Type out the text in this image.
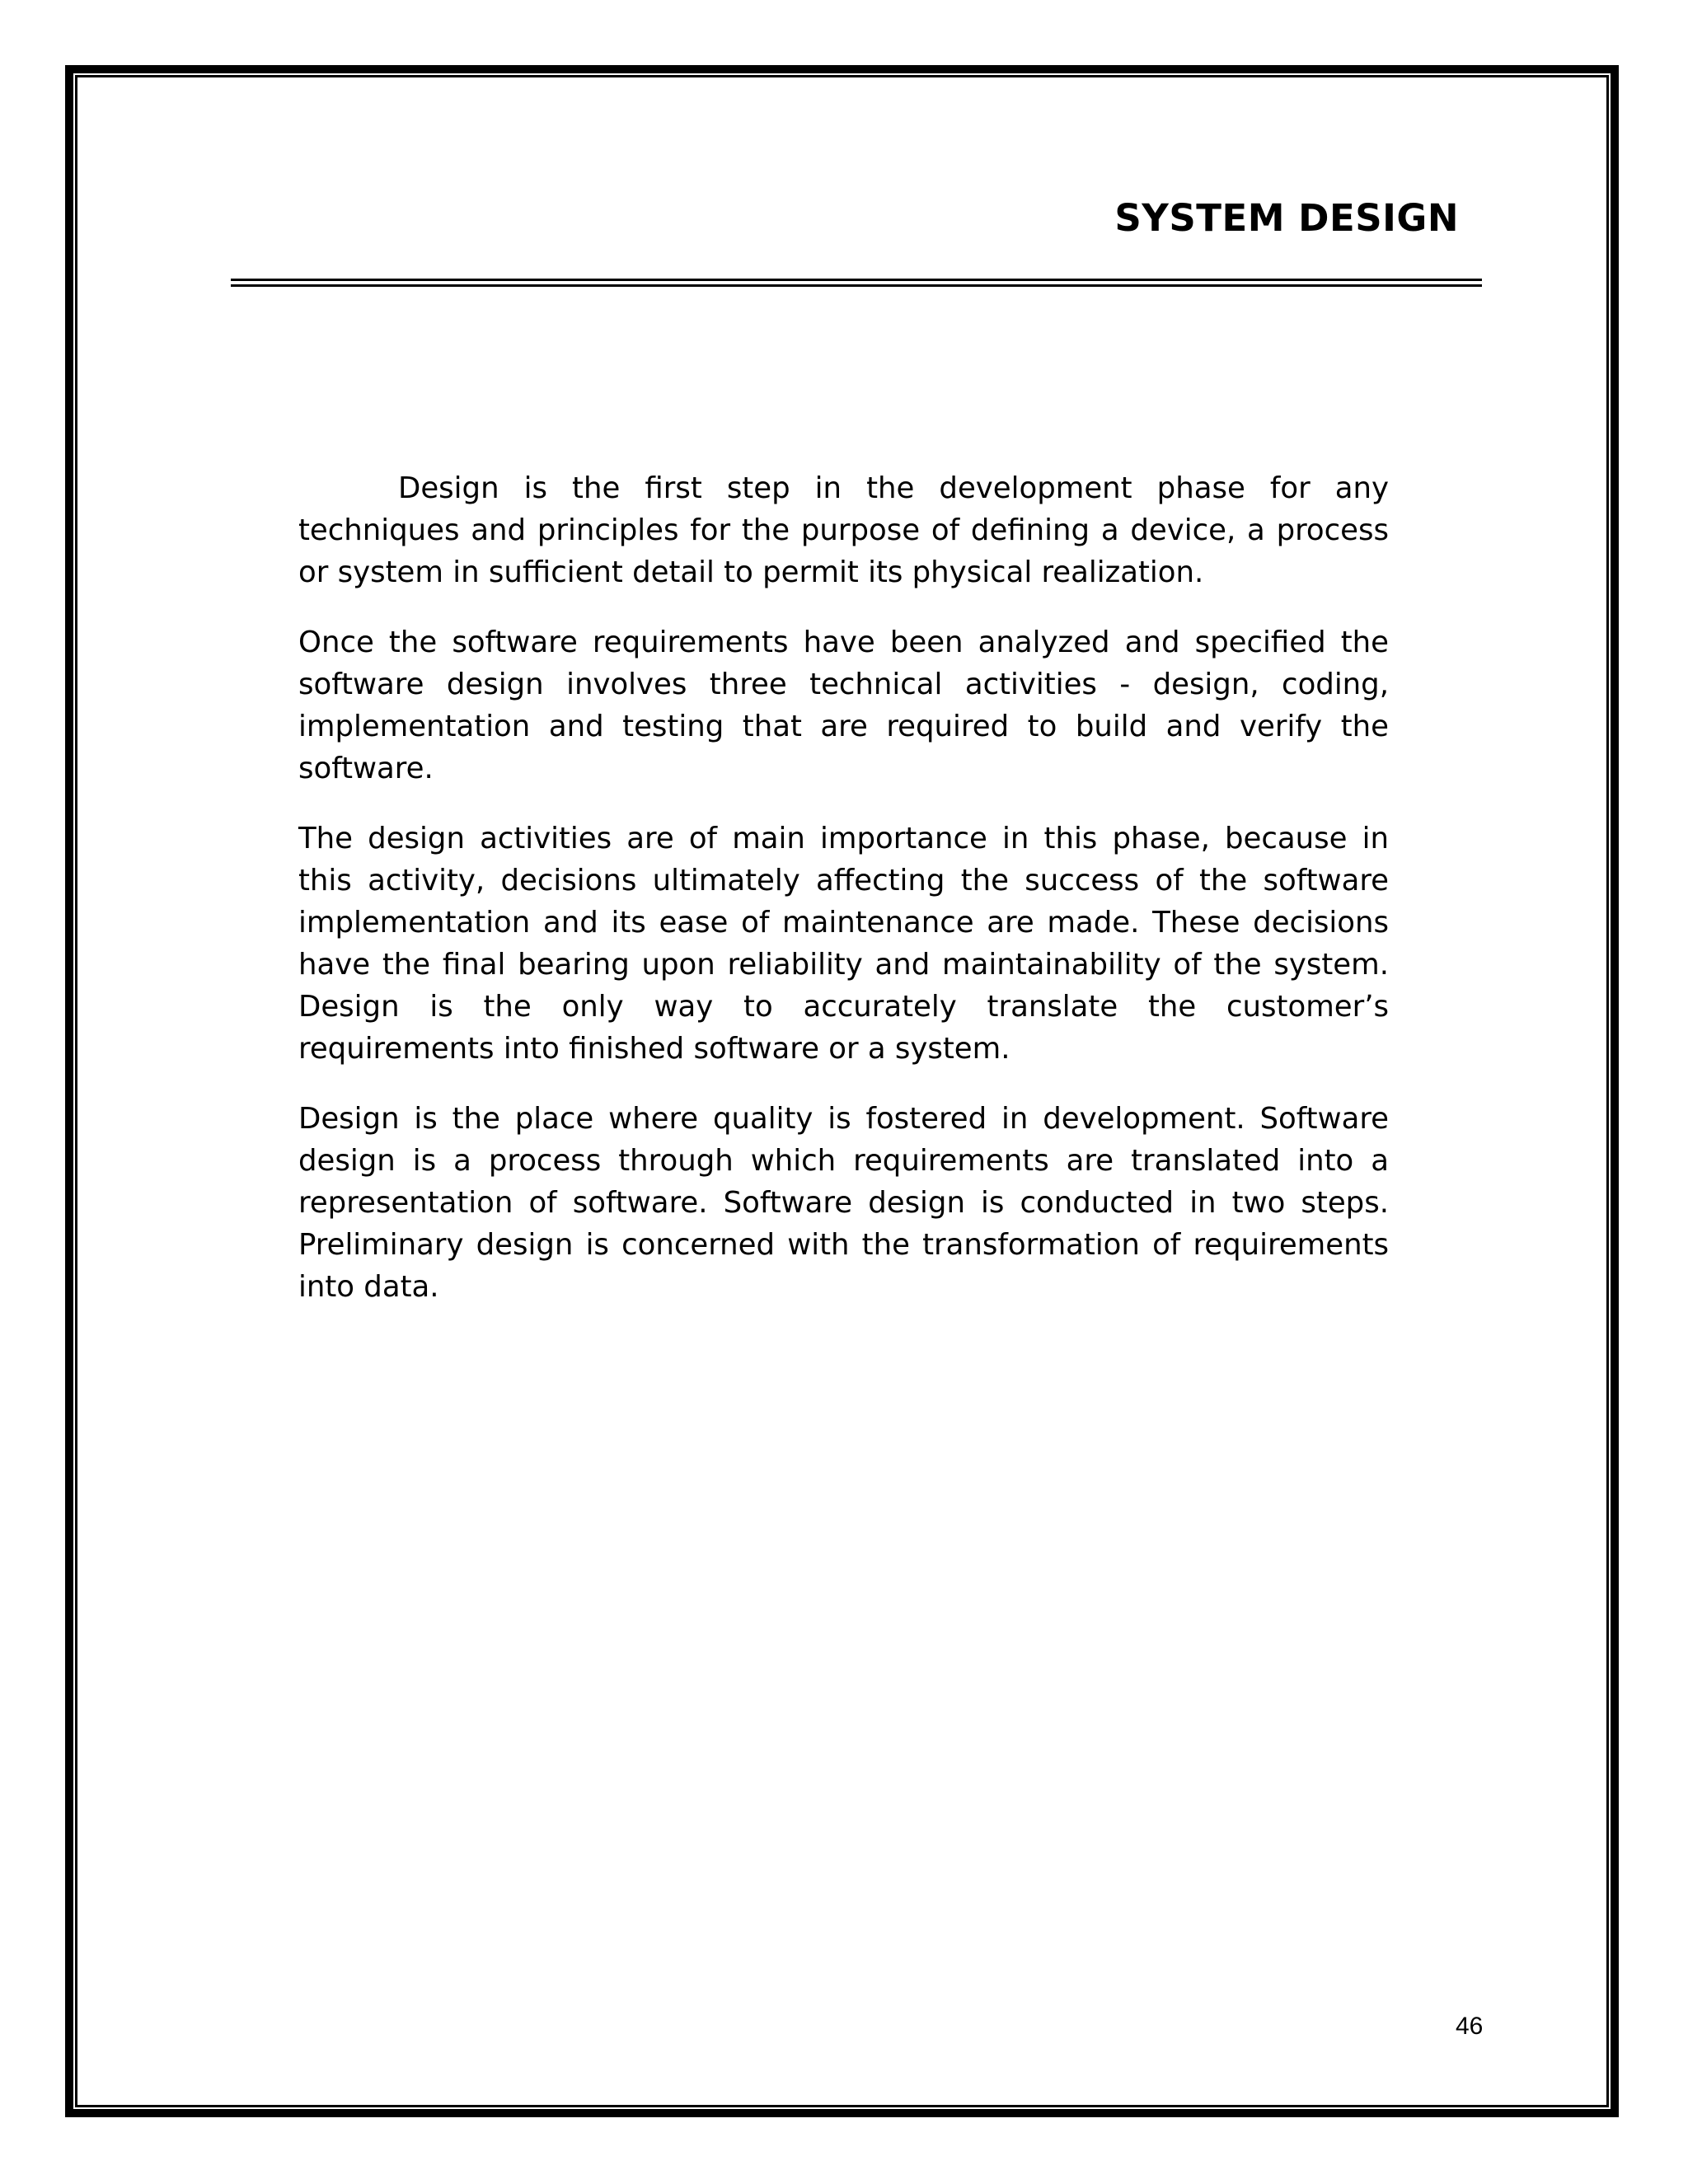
SYSTEM DESIGN

Design is the first step in the development phase for any techniques and principles for the purpose of defining a device, a process or system in sufficient detail to permit its physical realization.

Once the software requirements have been analyzed and specified the software design involves three technical activities - design, coding, implementation and testing that are required to build and verify the software.

The design activities are of main importance in this phase, because in this activity, decisions ultimately affecting the success of the software implementation and its ease of maintenance are made. These decisions have the final bearing upon reliability and maintainability of the system. Design is the only way to accurately translate the customer’s requirements into finished software or a system.

Design is the place where quality is fostered in development. Software design is a process through which requirements are translated into a representation of software. Software design is conducted in two steps. Preliminary design is concerned with the transformation of requirements into data.

46
